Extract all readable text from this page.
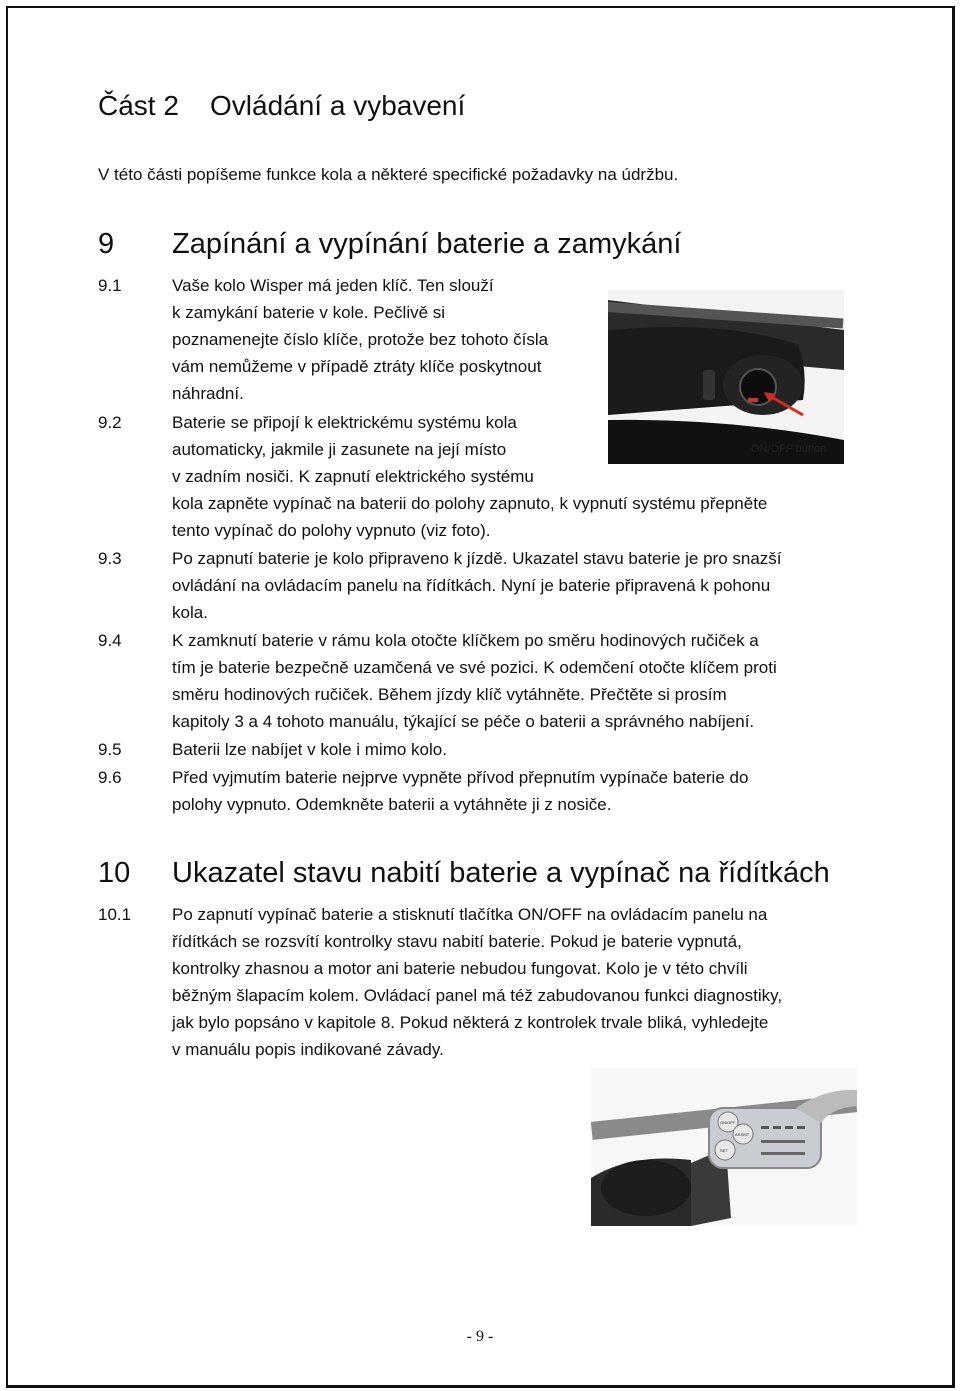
Část 2 Ovládání a vybavení
V této části popíšeme funkce kola a některé specifické požadavky na údržbu.
9 Zapínání a vypínání baterie a zamykání
9.1	Vaše kolo Wisper má jeden klíč. Ten slouží
k zamykání baterie v kole. Pečlivě si
poznamenejte číslo klíče, protože bez tohoto čísla
vám nemůžeme v případě ztráty klíče poskytnout
náhradní.
9.2	Baterie se připojí k elektrickému systému kola
automaticky, jakmile ji zasunete na její místo
v zadním nosiči. K zapnutí elektrického systému
kola zapněte vypínač na baterii do polohy zapnuto, k vypnutí systému přepněte
tento vypínač do polohy vypnuto (viz foto).
9.3	Po zapnutí baterie je kolo připraveno k jízdě. Ukazatel stavu baterie je pro snazší
ovládání na ovládacím panelu na řídítkách. Nyní je baterie připravená k pohonu
kola.
9.4	K zamknutí baterie v rámu kola otočte klíčkem po směru hodinových ručiček a
tím je baterie bezpečně uzamčená ve své pozici. K odemčení otočte klíčem proti
směru hodinových ručiček. Během jízdy klíč vytáhněte. Přečtěte si prosím
kapitoly 3 a 4 tohoto manuálu, týkající se péče o baterii a správného nabíjení.
9.5	Baterii lze nabíjet v kole i mimo kolo.
9.6	Před vyjmutím baterie nejprve vypněte přívod přepnutím vypínače baterie do
polohy vypnuto. Odemkněte baterii a vytáhněte ji z nosiče.
10 Ukazatel stavu nabití baterie a vypínač na řídítkách
10.1 Po zapnutí vypínač baterie a stisknutí tlačítka ON/OFF na ovládacím panelu na
řídítkách se rozsvítí kontrolky stavu nabití baterie. Pokud je baterie vypnutá,
kontrolky zhasnou a motor ani baterie nebudou fungovat. Kolo je v této chvíli
běžným šlapacím kolem. Ovládací panel má též zabudovanou funkci diagnostiky,
jak bylo popsáno v kapitole 8. Pokud některá z kontrolek trvale bliká, vyhledejte
v manuálu popis indikované závady.
ON/OFF button
ON/OFF
ASSIST
SET
- 9 -
